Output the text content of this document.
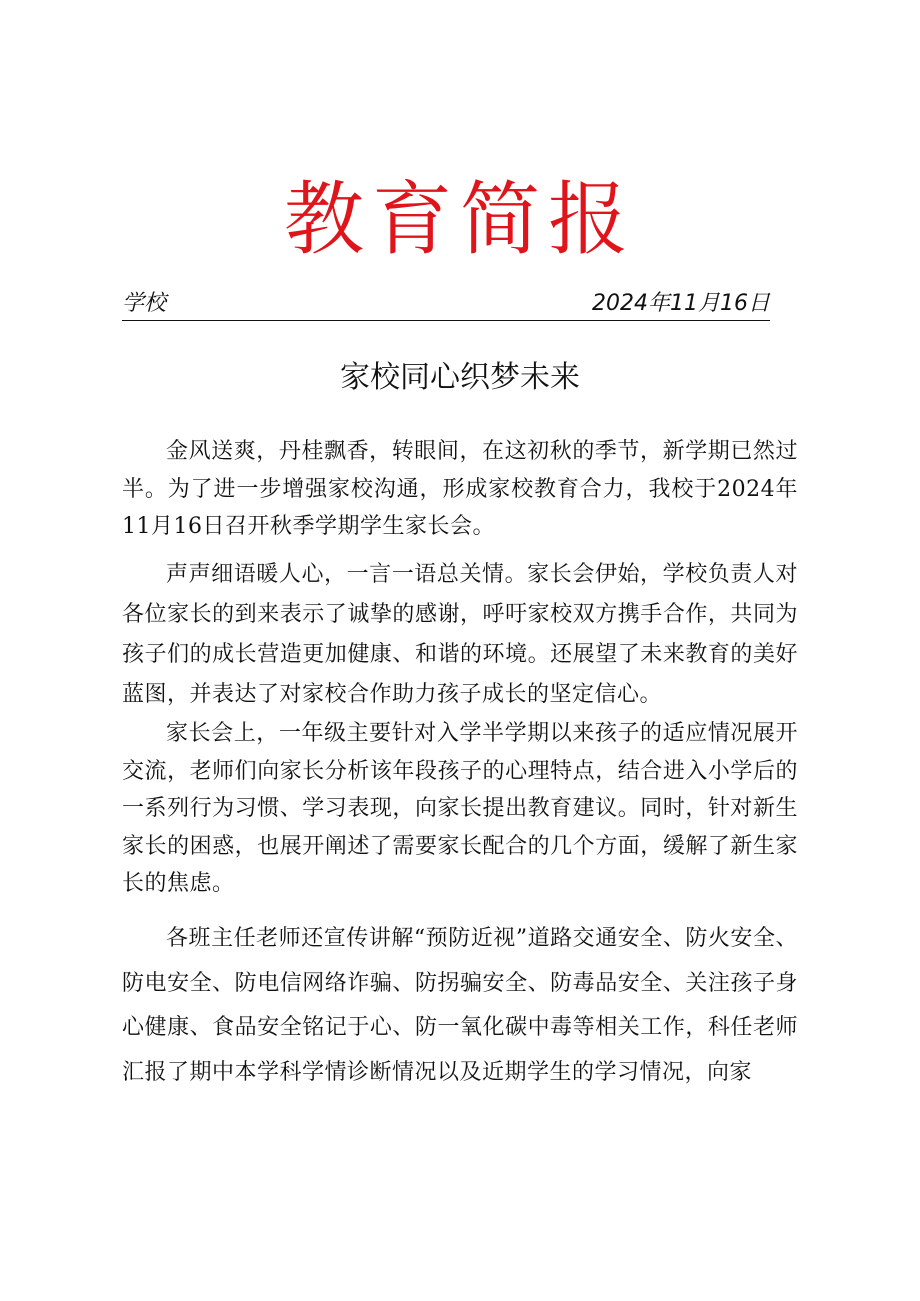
教育简报
学校	2024年11月16日
家校同心织梦未来

金风送爽，丹桂飘香，转眼间，在这初秋的季节，新学期已然过半。为了进一步增强家校沟通，形成家校教育合力，我校于2024年11月16日召开秋季学期学生家长会。

声声细语暖人心，一言一语总关情。家长会伊始，学校负责人对各位家长的到来表示了诚挚的感谢，呼吁家校双方携手合作，共同为孩子们的成长营造更加健康、和谐的环境。还展望了未来教育的美好蓝图，并表达了对家校合作助力孩子成长的坚定信心。

家长会上，一年级主要针对入学半学期以来孩子的适应情况展开交流，老师们向家长分析该年段孩子的心理特点，结合进入小学后的一系列行为习惯、学习表现，向家长提出教育建议。同时，针对新生家长的困惑，也展开阐述了需要家长配合的几个方面，缓解了新生家长的焦虑。

各班主任老师还宣传讲解“预防近视”道路交通安全、防火安全、防电安全、防电信网络诈骗、防拐骗安全、防毒品安全、关注孩子身心健康、食品安全铭记于心、防一氧化碳中毒等相关工作，科任老师汇报了期中本学科学情诊断情况以及近期学生的学习情况，向家
